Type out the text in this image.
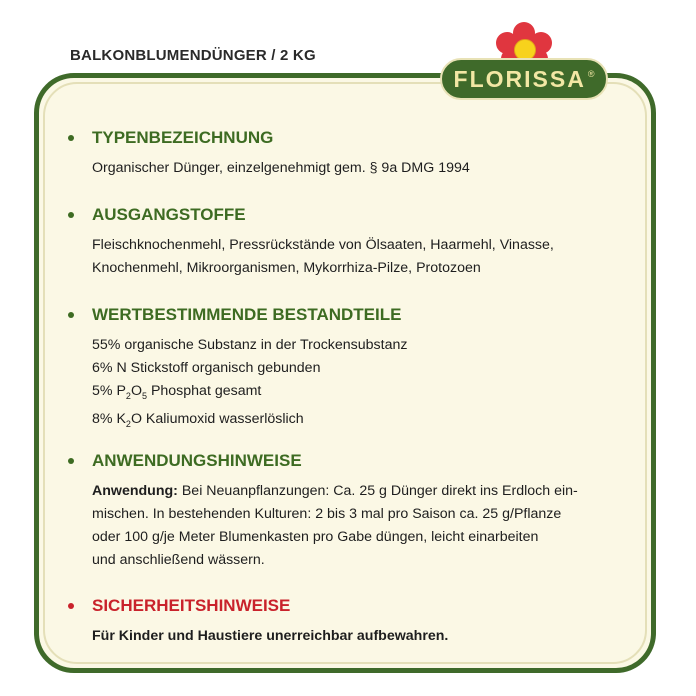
BALKONBLUMENDÜNGER / 2 KG
FLORISSA ®
TYPENBEZEICHNUNG
Organischer Dünger, einzelgenehmigt gem. § 9a DMG 1994
AUSGANGSTOFFE
Fleischknochenmehl, Pressrückstände von Ölsaaten, Haarmehl, Vinasse,
Knochenmehl, Mikroorganismen, Mykorrhiza-Pilze, Protozoen
WERTBESTIMMENDE BESTANDTEILE
55% organische Substanz in der Trockensubstanz
6% N Stickstoff organisch gebunden
5% $P_2O_5$ Phosphat gesamt
8% $K_2O$ Kaliumoxid wasserlöslich
ANWENDUNGSHINWEISE
Anwendung: Bei Neuanpflanzungen: Ca. 25 g Dünger direkt ins Erdloch ein-
mischen. In bestehenden Kulturen: 2 bis 3 mal pro Saison ca. 25 g/Pflanze
oder 100 g/je Meter Blumenkasten pro Gabe düngen, leicht einarbeiten
und anschließend wässern.
SICHERHEITSHINWEISE
Für Kinder und Haustiere unerreichbar aufbewahren.
